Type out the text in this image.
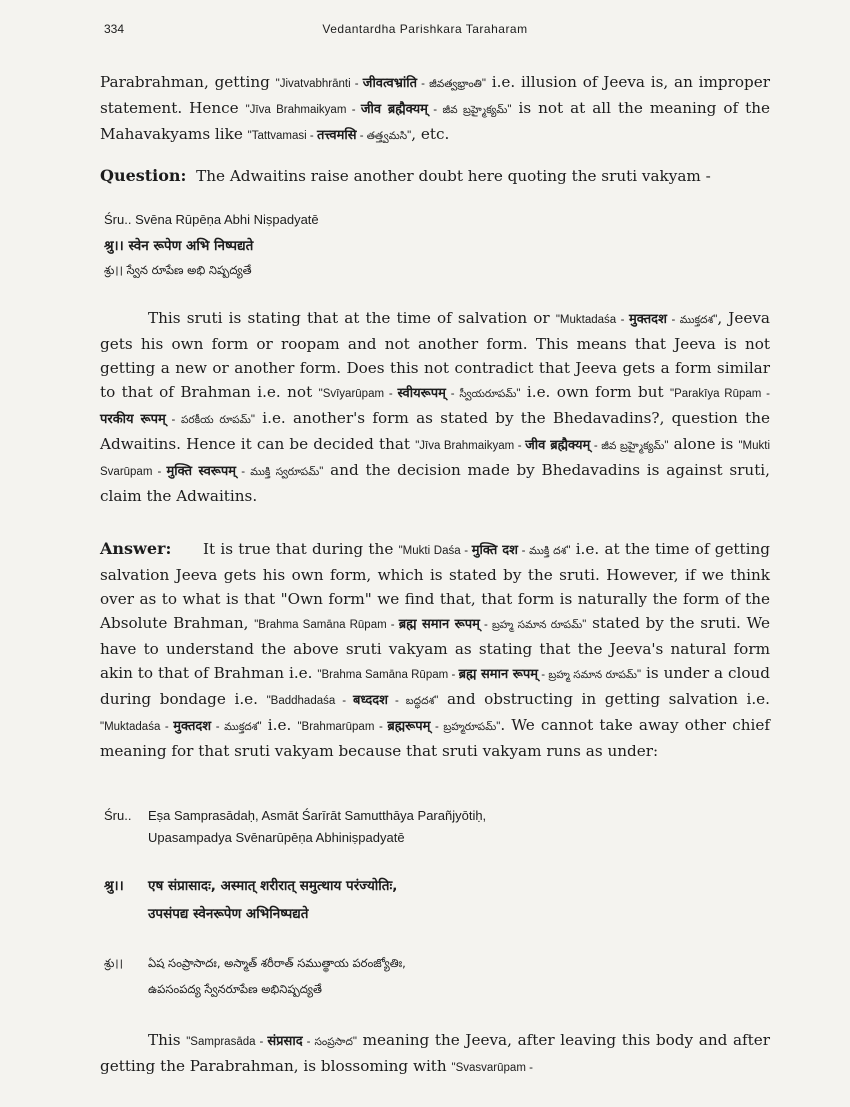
334	Vedantardha Parishkara Taraharam
Parabrahman, getting "Jivatvabhrānti - जीवत्वभ्रांति - జీవత్వభ్రాంతి" i.e. illusion of Jeeva is, an improper statement. Hence "Jīva Brahmaikyam - जीव ब्रह्मैक्यम् - జీవ బ్రహ్మైక్యమ్" is not at all the meaning of the Mahavakyams like "Tattvamasi - तत्त्वमसि - తత్త్వమసి", etc.
Question: The Adwaitins raise another doubt here quoting the sruti vakyam -
Śru.. Svēna Rūpēṇa Abhi Niṣpadyatē
श्रु।। स्वेन रूपेण अभि निष्पद्यते
శ్రు।। స్వేన రూపేణ అభి నిష్పద్యతే
This sruti is stating that at the time of salvation or "Muktadaśa - मुक्तदश - ముక్తదశ", Jeeva gets his own form or roopam and not another form. This means that Jeeva is not getting a new or another form. Does this not contradict that Jeeva gets a form similar to that of Brahman i.e. not "Svīyarūpam - स्वीयरूपम् - స్వీయరూపమ్" i.e. own form but "Parakīya Rūpam - परकीय रूपम् - పరకీయ రూపమ్" i.e. another's form as stated by the Bhedavadins?, question the Adwaitins. Hence it can be decided that "Jīva Brahmaikyam - जीव ब्रह्मैक्यम् - జీవ బ్రహ్మైక్యమ్" alone is "Mukti Svarūpam - मुक्ति स्वरूपम् - ముక్తి స్వరూపమ్" and the decision made by Bhedavadins is against sruti, claim the Adwaitins.
Answer: It is true that during the "Mukti Daśa - मुक्ति दश - ముక్తి దశ" i.e. at the time of getting salvation Jeeva gets his own form, which is stated by the sruti. However, if we think over as to what is that "Own form" we find that, that form is naturally the form of the Absolute Brahman, "Brahma Samāna Rūpam - ब्रह्म समान रूपम् - బ్రహ్మ సమాన రూపమ్" stated by the sruti. We have to understand the above sruti vakyam as stating that the Jeeva's natural form akin to that of Brahman i.e. "Brahma Samāna Rūpam - ब्रह्म समान रूपम् - బ్రహ్మ సమాన రూపమ్" is under a cloud during bondage i.e. "Baddhadaśa - बध्ददश - బద్ధదశ" and obstructing in getting salvation i.e. "Muktadaśa - मुक्तदश - ముక్తదశ" i.e. "Brahmarūpam - ब्रह्मरूपम् - బ్రహ్మరూపమ్". We cannot take away other chief meaning for that sruti vakyam because that sruti vakyam runs as under:
Śru.. Eṣa Samprasādaḥ, Asmāt Śarīrāt Samutthāya Parañjyōtiḥ,
Upasampadya Svēnarūpēṇa Abhiniṣpadyatē
श्रु।। एष संप्रासादः, अस्मात् शरीरात् समुत्थाय परंज्योतिः,
उपसंपद्य स्वेनरूपेण अभिनिष्पद्यते
శ్రు।। ఏష సంప్రాసాదః, అస్మాత్ శరీరాత్ సముత్థాయ పరంజ్యోతిః,
ఉపసంపద్య స్వేనరూపేణ అభినిష్పద్యతే
This "Samprasāda - संप्रसाद - సంప్రసాద" meaning the Jeeva, after leaving this body and after getting the Parabrahman, is blossoming with "Svasvarūpam -
